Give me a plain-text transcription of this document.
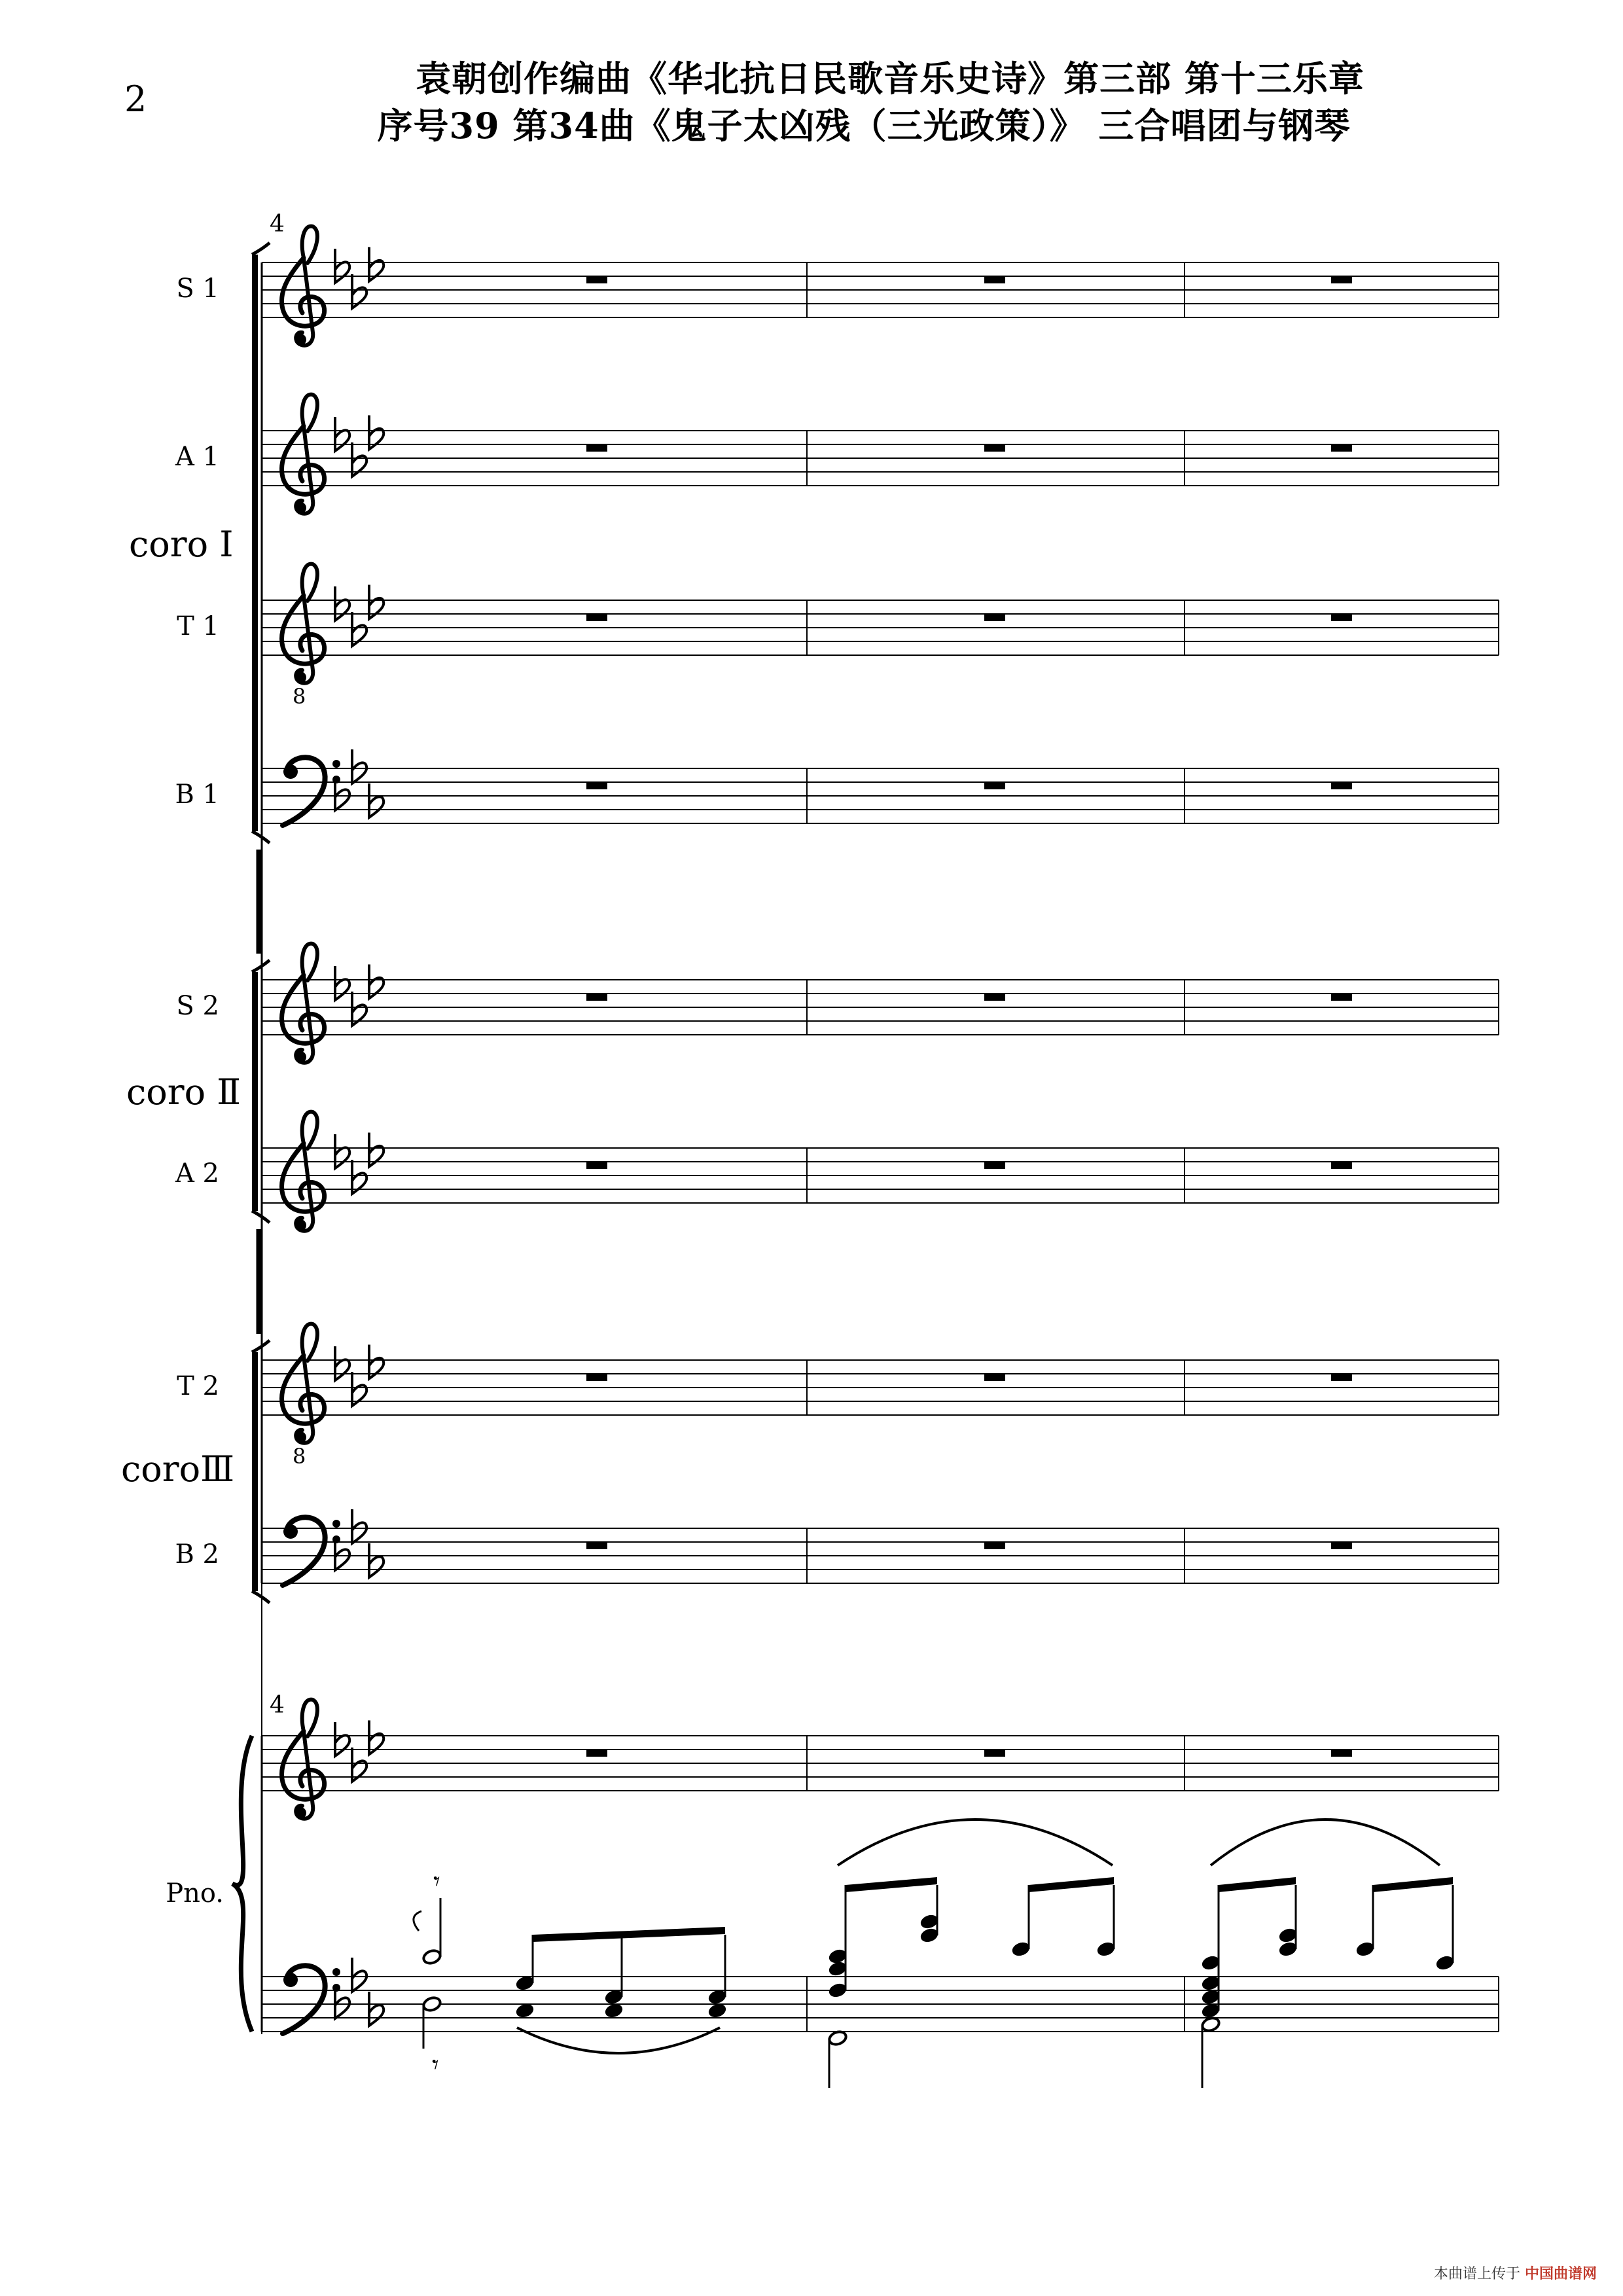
2	袁朝创作编曲《华北抗日民歌音乐史诗》第三部 第十三乐章
序号39 第34曲《鬼子太凶残（三光政策）》 三合唱团与钢琴
4
4
S 1
A 1
T 1
B 1
S 2
A 2
T 2
B 2
Pno.
coro Ⅰ
coro Ⅱ
coroⅢ
8
8
𝄾
𝄾
本曲谱上传于 中国曲谱网
